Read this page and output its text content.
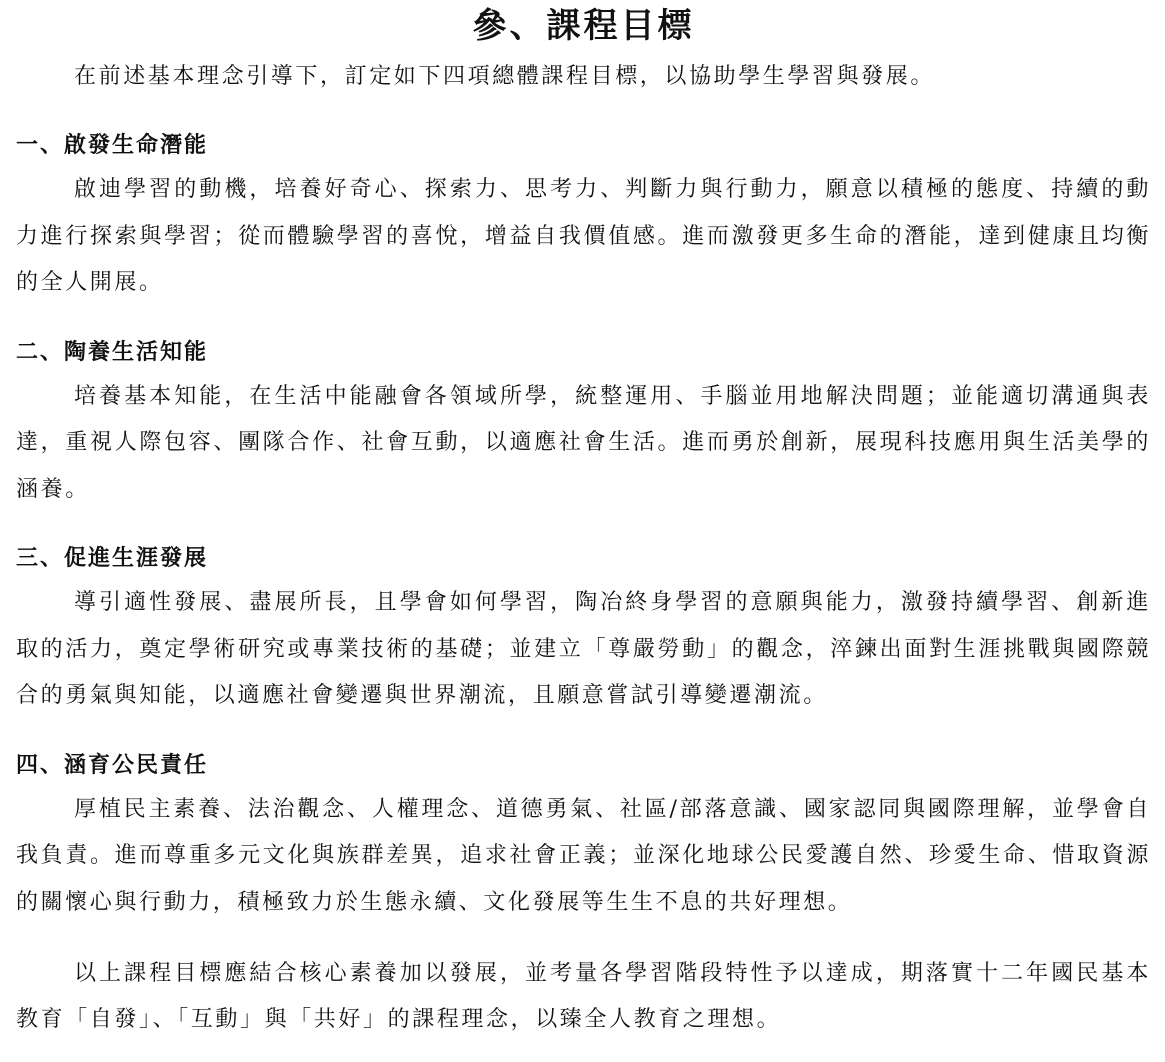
參、課程目標

在前述基本理念引導下，訂定如下四項總體課程目標，以協助學生學習與發展。

一、啟發生命潛能

啟迪學習的動機，培養好奇心、探索力、思考力、判斷力與行動力，願意以積極的態度、持續的動力進行探索與學習；從而體驗學習的喜悅，增益自我價值感。進而激發更多生命的潛能，達到健康且均衡的全人開展。

二、陶養生活知能

培養基本知能，在生活中能融會各領域所學，統整運用、手腦並用地解決問題；並能適切溝通與表達，重視人際包容、團隊合作、社會互動，以適應社會生活。進而勇於創新，展現科技應用與生活美學的涵養。

三、促進生涯發展

導引適性發展、盡展所長，且學會如何學習，陶冶終身學習的意願與能力，激發持續學習、創新進取的活力，奠定學術研究或專業技術的基礎；並建立「尊嚴勞動」的觀念，淬鍊出面對生涯挑戰與國際競合的勇氣與知能，以適應社會變遷與世界潮流，且願意嘗試引導變遷潮流。

四、涵育公民責任

厚植民主素養、法治觀念、人權理念、道德勇氣、社區/部落意識、國家認同與國際理解，並學會自我負責。進而尊重多元文化與族群差異，追求社會正義；並深化地球公民愛護自然、珍愛生命、惜取資源的關懷心與行動力，積極致力於生態永續、文化發展等生生不息的共好理想。

以上課程目標應結合核心素養加以發展，並考量各學習階段特性予以達成，期落實十二年國民基本教育「自發」、「互動」與「共好」的課程理念，以臻全人教育之理想。
